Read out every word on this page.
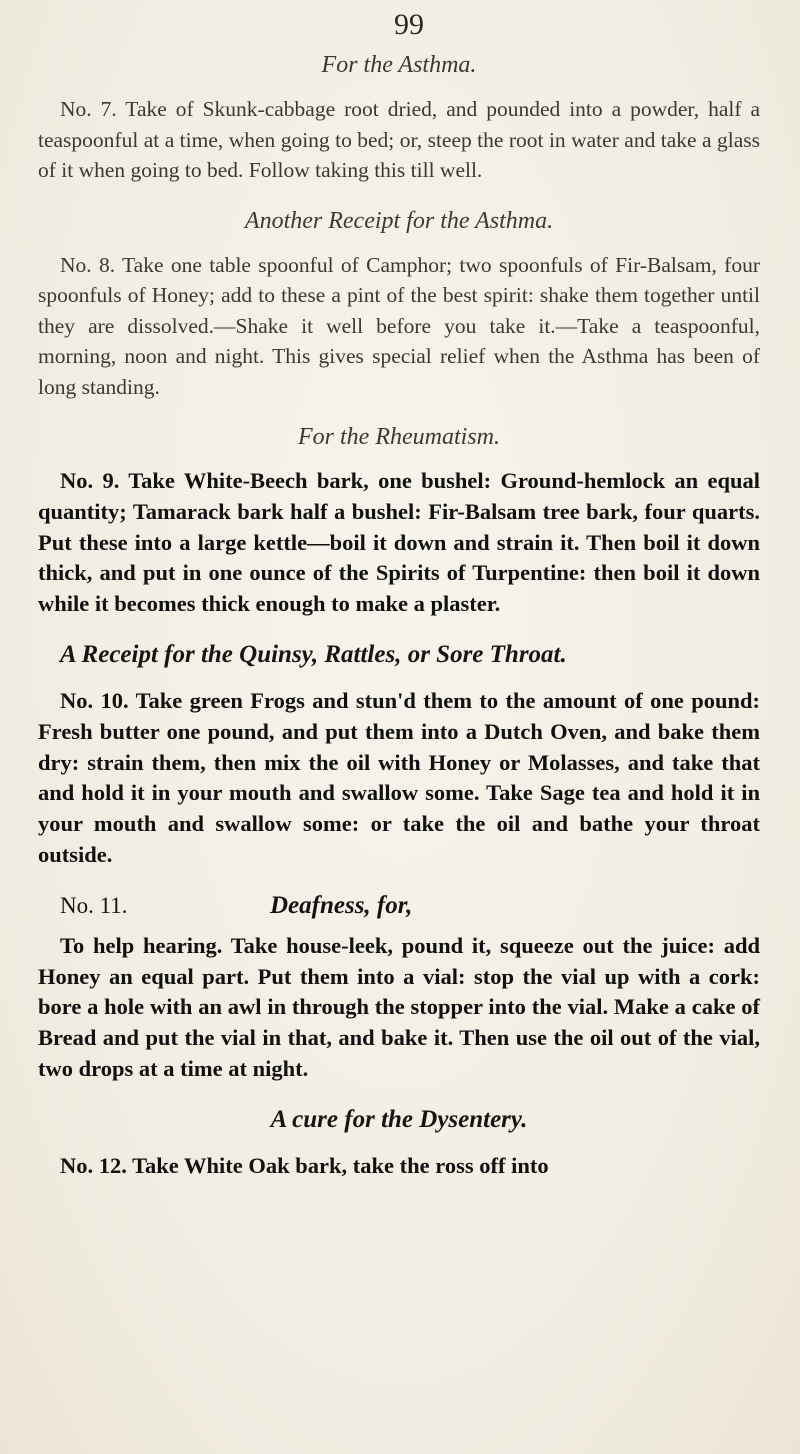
99
For the Asthma.

No. 7. Take of Skunk-cabbage root dried, and pounded into a powder, half a teaspoonful at a time, when going to bed; or, steep the root in water and take a glass of it when going to bed. Follow taking this till well.

Another Receipt for the Asthma.

No. 8. Take one table spoonful of Camphor; two spoonfuls of Fir-Balsam, four spoonfuls of Honey; add to these a pint of the best spirit: shake them together until they are dissolved.—Shake it well before you take it.—Take a teaspoonful, morning, noon and night. This gives special relief when the Asthma has been of long standing.

For the Rheumatism.

No. 9. Take White-Beech bark, one bushel: Ground-hemlock an equal quantity; Tamarack bark half a bushel: Fir-Balsam tree bark, four quarts. Put these into a large kettle—boil it down and strain it. Then boil it down thick, and put in one ounce of the Spirits of Turpentine: then boil it down while it becomes thick enough to make a plaster.

A Receipt for the Quinsy, Rattles, or Sore Throat.

No. 10. Take green Frogs and stun'd them to the amount of one pound: Fresh butter one pound, and put them into a Dutch Oven, and bake them dry: strain them, then mix the oil with Honey or Molasses, and take that and hold it in your mouth and swallow some. Take Sage tea and hold it in your mouth and swallow some: or take the oil and bathe your throat outside.

No. 11.	Deafness, for,

To help hearing. Take house-leek, pound it, squeeze out the juice: add Honey an equal part. Put them into a vial: stop the vial up with a cork: bore a hole with an awl in through the stopper into the vial. Make a cake of Bread and put the vial in that, and bake it. Then use the oil out of the vial, two drops at a time at night.

A cure for the Dysentery.

No. 12. Take White Oak bark, take the ross off into
